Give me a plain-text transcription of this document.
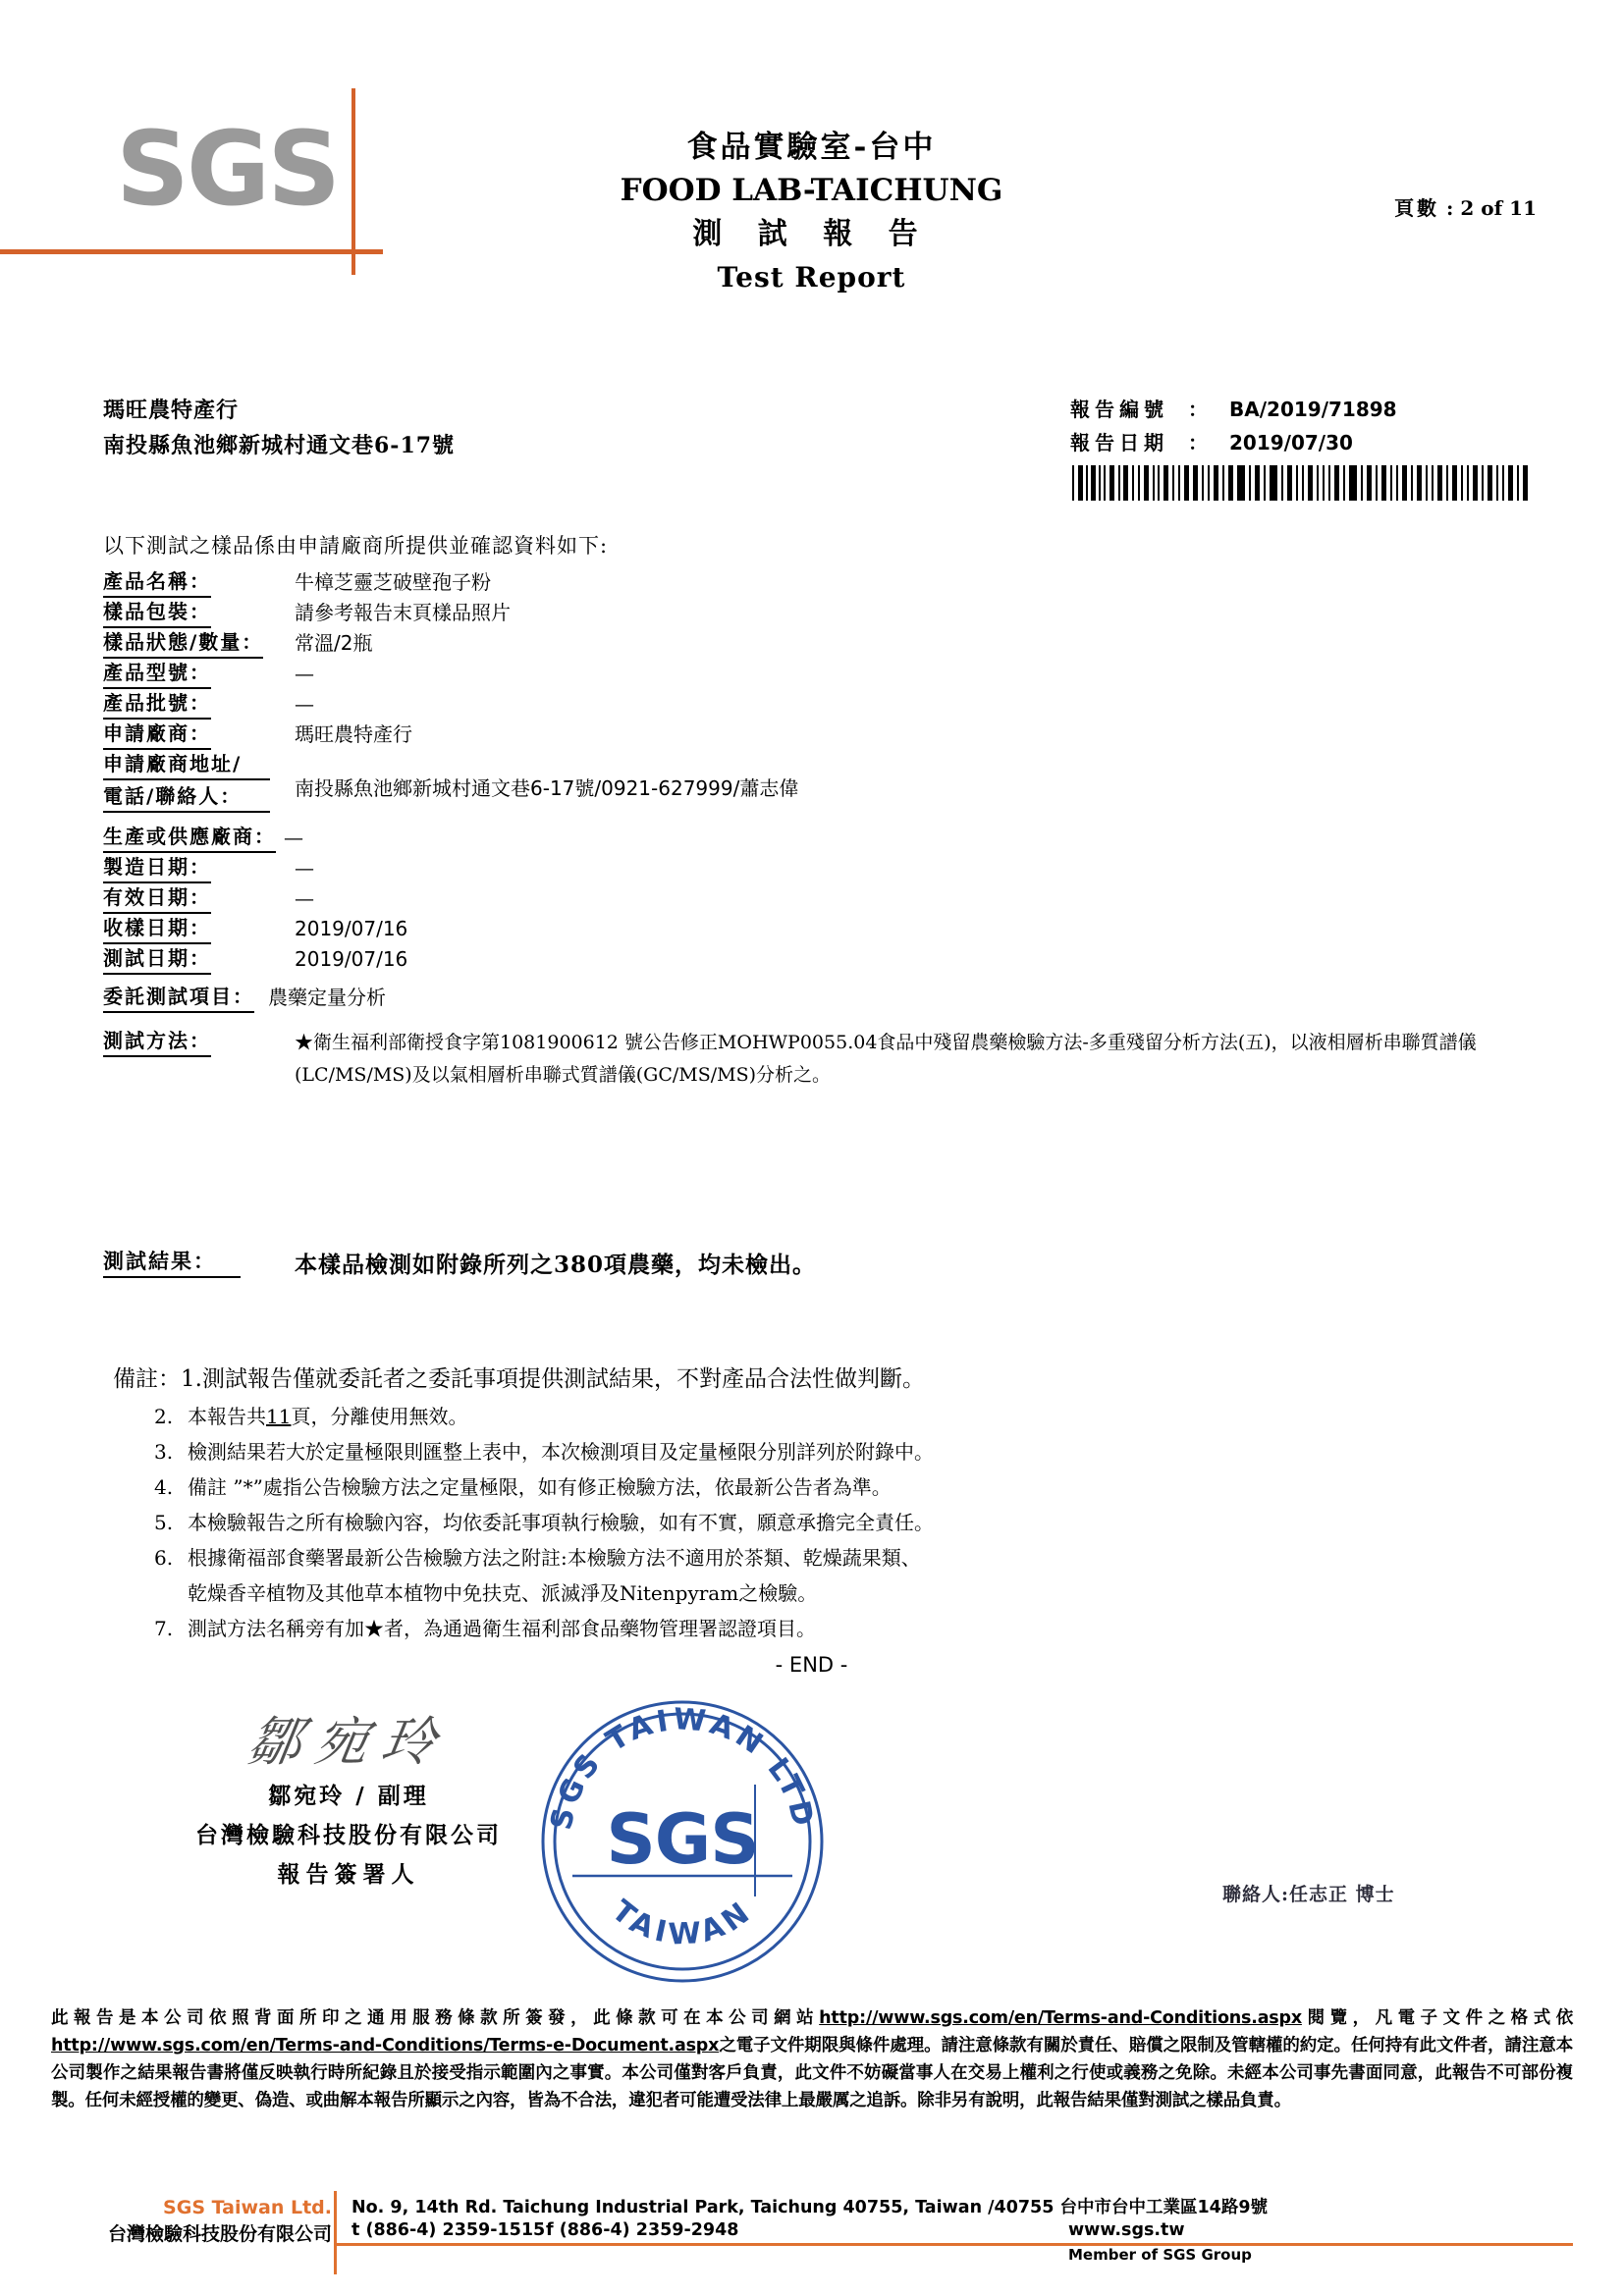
SGS	食品實驗室-台中
FOOD LAB-TAICHUNG
測 試 報 告
Test Report
頁數 : 2 of 11
瑪旺農特產行
南投縣魚池鄉新城村通文巷6-17號
報告編號 ： BA/2019/71898
報告日期 ： 2019/07/30
以下測試之樣品係由申請廠商所提供並確認資料如下:
產品名稱：	牛樟芝靈芝破壁孢子粉
樣品包裝：	請參考報告末頁樣品照片
樣品狀態/數量：	常溫/2瓶
產品型號：	—
產品批號：	—
申請廠商：	瑪旺農特產行
申請廠商地址/
電話/聯絡人：	南投縣魚池鄉新城村通文巷6-17號/0921-627999/蕭志偉
生產或供應廠商： —
製造日期：	—
有效日期：	—
收樣日期：	2019/07/16
測試日期：	2019/07/16
委託測試項目： 農藥定量分析
測試方法：	★衛生福利部衛授食字第1081900612 號公告修正MOHWP0055.04食品中殘留農藥檢驗方法-多重殘留分析方法(五)，以液相層析串聯質譜儀 (LC/MS/MS)及以氣相層析串聯式質譜儀(GC/MS/MS)分析之。
測試結果：	本樣品檢測如附錄所列之380項農藥，均未檢出。
備註： 1. 測試報告僅就委託者之委託事項提供測試結果，不對產品合法性做判斷。
2. 本報告共11頁，分離使用無效。
3. 檢測結果若大於定量極限則匯整上表中，本次檢測項目及定量極限分別詳列於附錄中。
4. 備註 ”*”處指公告檢驗方法之定量極限，如有修正檢驗方法，依最新公告者為準。
5. 本檢驗報告之所有檢驗內容，均依委託事項執行檢驗，如有不實，願意承擔完全責任。
6. 根據衛福部食藥署最新公告檢驗方法之附註:本檢驗方法不適用於茶類、乾燥蔬果類、
乾燥香辛植物及其他草本植物中免扶克、派滅淨及Nitenpyram之檢驗。
7. 測試方法名稱旁有加★者，為通過衛生福利部食品藥物管理署認證項目。
- END -
鄒宛玲
鄒宛玲 / 副理
台灣檢驗科技股份有限公司
報告簽署人
SGS TAIWAN LTD
TAIWAN
SGS
聯絡人:任志正 博士
此報告是本公司依照背面所印之通用服務條款所簽發，此條款可在本公司網站http://www.sgs.com/en/Terms-and-Conditions.aspx閱覽，凡電子文件之格式依http://www.sgs.com/en/Terms-and-Conditions/Terms-e-Document.aspx之電子文件期限與條件處理。請注意條款有關於責任、賠償之限制及管轄權的約定。任何持有此文件者，請注意本公司製作之結果報告書將僅反映執行時所紀錄且於接受指示範圍內之事實。本公司僅對客戶負責，此文件不妨礙當事人在交易上權利之行使或義務之免除。未經本公司事先書面同意，此報告不可部份複製。任何未經授權的變更、偽造、或曲解本報告所顯示之內容，皆為不合法，違犯者可能遭受法律上最嚴厲之追訴。除非另有說明，此報告結果僅對測試之樣品負責。
SGS Taiwan Ltd.
台灣檢驗科技股份有限公司
No. 9, 14th Rd. Taichung Industrial Park, Taichung 40755, Taiwan /40755 台中市台中工業區14路9號
t (886-4) 2359-1515 f (886-4) 2359-2948	www.sgs.tw
Member of SGS Group
